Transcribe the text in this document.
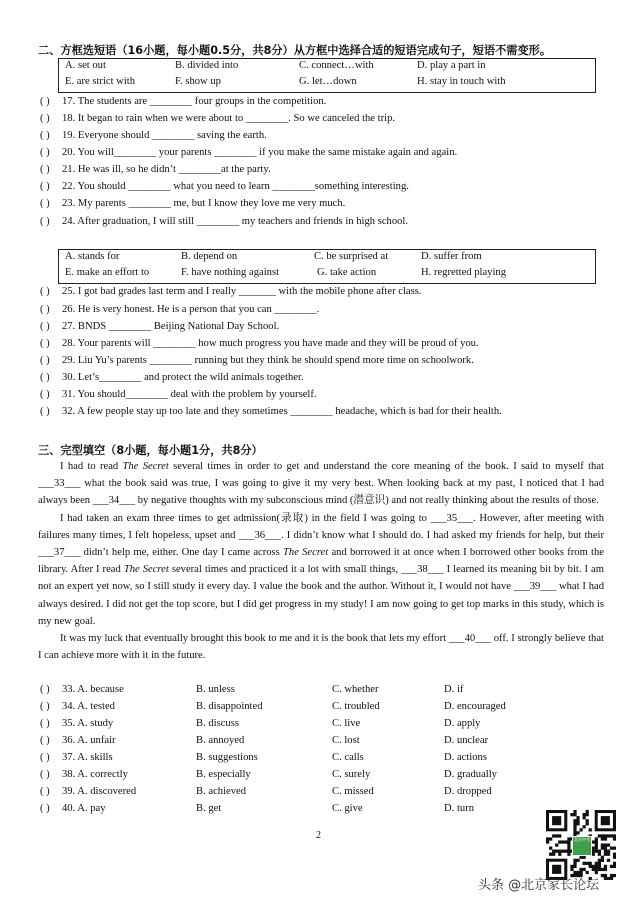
二、方框选短语（16小题，每小题0.5分，共8分）从方框中选择合适的短语完成句子，短语不需变形。
A. set out	B. divided into	C. connect…with	D. play a part in
E. are strict with	F. show up	G. let…down	H. stay in touch with
( ) 17. The students are ________ four groups in the competition.
( ) 18. It began to rain when we were about to ________. So we canceled the trip.
( ) 19. Everyone should ________ saving the earth.
( ) 20. You will________ your parents ________ if you make the same mistake again and again.
( ) 21. He was ill, so he didn’t ________at the party.
( ) 22. You should ________ what you need to learn ________something interesting.
( ) 23. My parents ________ me, but I know they love me very much.
( ) 24. After graduation, I will still ________ my teachers and friends in high school.
A. stands for	B. depend on	C. be surprised at	D. suffer from
E. make an effort to	F. have nothing against	G. take action	H. regretted playing
( ) 25. I got bad grades last term and I really _______ with the mobile phone after class.
( ) 26. He is very honest. He is a person that you can ________.
( ) 27. BNDS ________ Beijing National Day School.
( ) 28. Your parents will ________ how much progress you have made and they will be proud of you.
( ) 29. Liu Yu’s parents ________ running but they think he should spend more time on schoolwork.
( ) 30. Let’s________ and protect the wild animals together.
( ) 31. You should________ deal with the problem by yourself.
( ) 32. A few people stay up too late and they sometimes ________ headache, which is bad for their health.
三、完型填空（8小题，每小题1分，共8分）

I had to read The Secret several times in order to get and understand the core meaning of the book. I said to myself that ___33___ what the book said was true, I was going to give it my very best. When looking back at my past, I noticed that I had always been ___34___ by negative thoughts with my subconscious mind (潜意识) and not really thinking about the results of those.

I had taken an exam three times to get admission(录取) in the field I was going to ___35___. However, after meeting with failures many times, I felt hopeless, upset and ___36___. I didn’t know what I should do. I had asked my friends for help, but their ___37___ didn’t help me, either. One day I came across The Secret and borrowed it at once when I borrowed other books from the library. After I read The Secret several times and practiced it a lot with small things, ___38___ I learned its meaning bit by bit. I am not an expert yet now, so I still study it every day. I value the book and the author. Without it, I would not have ___39___ what I had always desired. I did not get the top score, but I did get progress in my study! I am now going to get top marks in this study, which is my new goal.

It was my luck that eventually brought this book to me and it is the book that lets my effort ___40___ off. I strongly believe that I can achieve more with it in the future.

( ) 33. A. because	B. unless	C. whether	D. if
( ) 34. A. tested	B. disappointed	C. troubled	D. encouraged
( ) 35. A. study	B. discuss	C. live	D. apply
( ) 36. A. unfair	B. annoyed	C. lost	D. unclear
( ) 37. A. skills	B. suggestions	C. calls	D. actions
( ) 38. A. correctly	B. especially	C. surely	D. gradually
( ) 39. A. discovered	B. achieved	C. missed	D. dropped
( ) 40. A. pay	B. get	C. give	D. turn
2	北京中考
头条 @北京家长论坛
